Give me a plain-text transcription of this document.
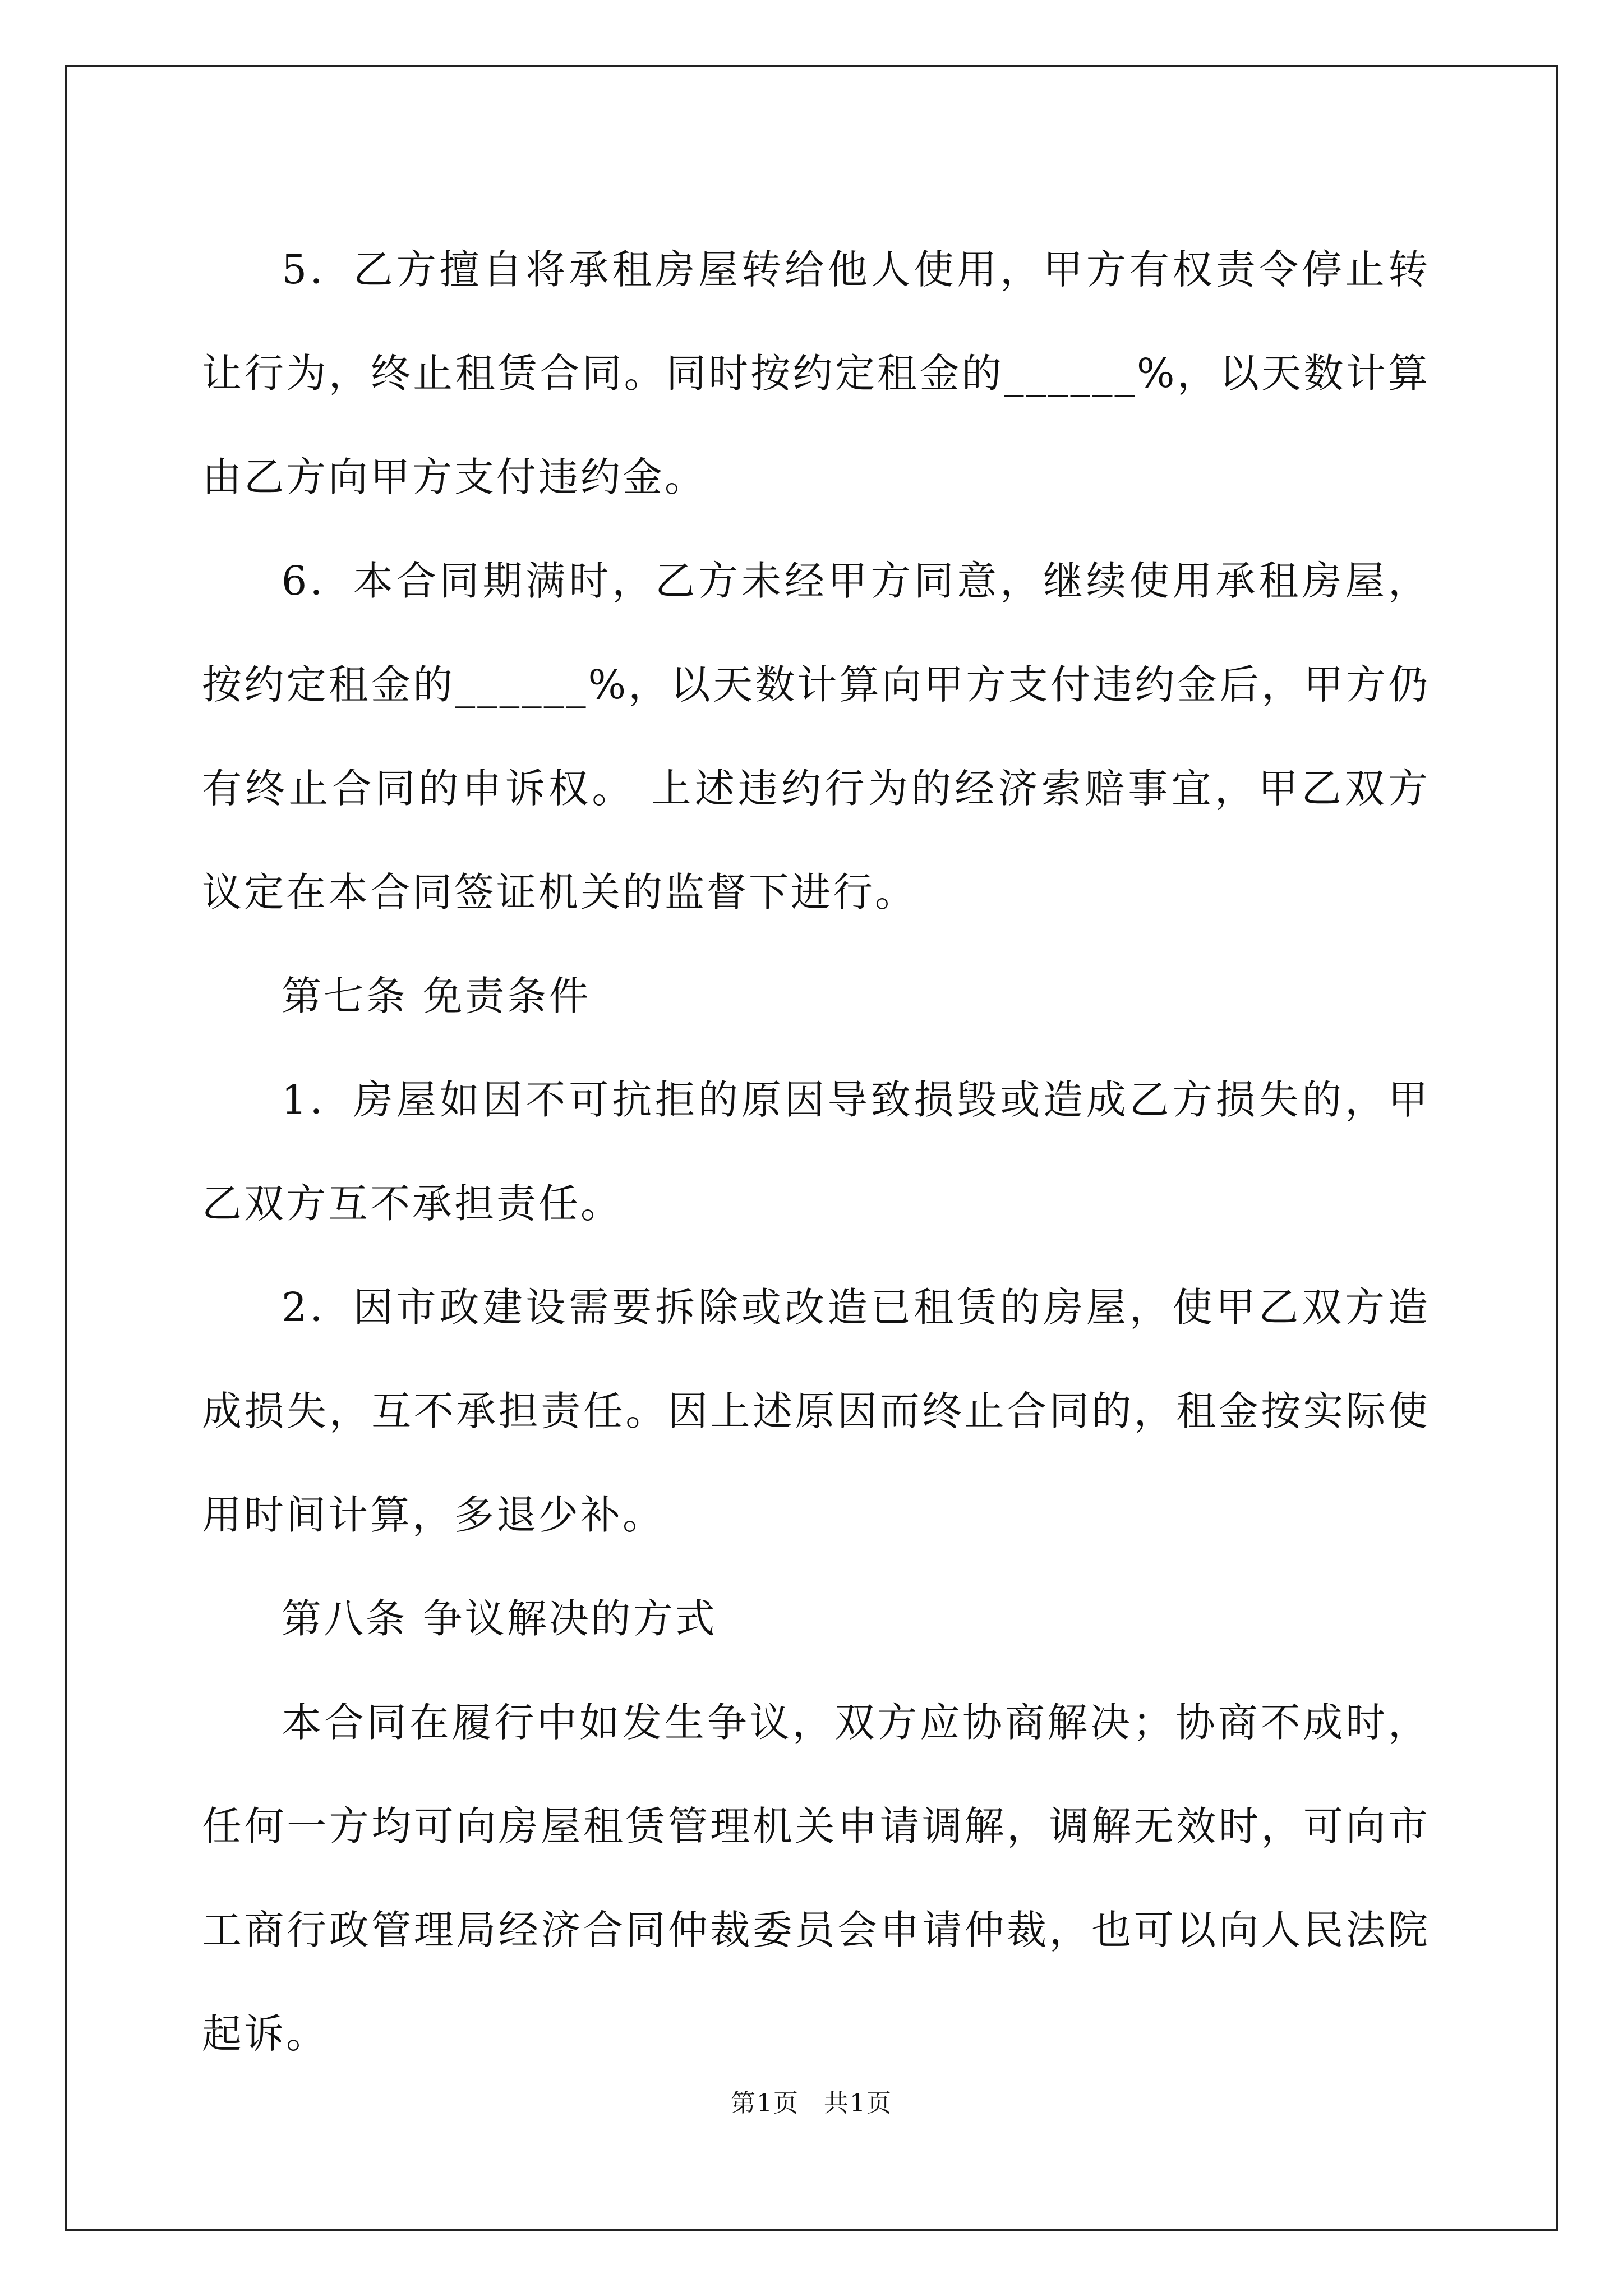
5．乙方擅自将承租房屋转给他人使用，甲方有权责令停止转让行为，终止租赁合同。同时按约定租金的______%，以天数计算由乙方向甲方支付违约金。

6．本合同期满时，乙方未经甲方同意，继续使用承租房屋，按约定租金的______%，以天数计算向甲方支付违约金后，甲方仍有终止合同的申诉权。 上述违约行为的经济索赔事宜，甲乙双方议定在本合同签证机关的监督下进行。

第七条 免责条件

1．房屋如因不可抗拒的原因导致损毁或造成乙方损失的，甲乙双方互不承担责任。

2．因市政建设需要拆除或改造已租赁的房屋，使甲乙双方造成损失，互不承担责任。因上述原因而终止合同的，租金按实际使用时间计算，多退少补。

第八条 争议解决的方式

本合同在履行中如发生争议，双方应协商解决；协商不成时，任何一方均可向房屋租赁管理机关申请调解，调解无效时，可向市工商行政管理局经济合同仲裁委员会申请仲裁，也可以向人民法院起诉。

第1页 共1页
